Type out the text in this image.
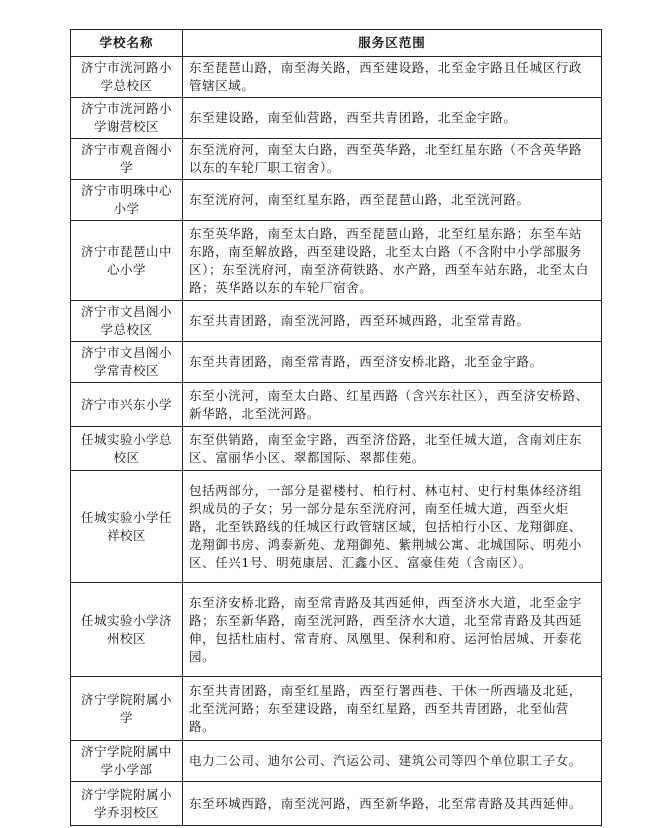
学校名称	服务区范围
济宁市洸河路小学总校区	东至琵琶山路，南至海关路，西至建设路，北至金宇路且任城区行政管辖区域。
济宁市洸河路小学谢营校区	东至建设路，南至仙营路，西至共青团路，北至金宇路。
济宁市观音阁小学	东至洸府河，南至太白路，西至英华路，北至红星东路（不含英华路以东的车轮厂职工宿舍）。
济宁市明珠中心小学	东至洸府河，南至红星东路，西至琵琶山路，北至洸河路。
济宁市琵琶山中心小学	东至英华路，南至太白路，西至琵琶山路，北至红星东路；东至车站东路，南至解放路，西至建设路，北至太白路（不含附中小学部服务区）；东至洸府河，南至济荷铁路、水产路，西至车站东路，北至太白路；英华路以东的车轮厂宿舍。
济宁市文昌阁小学总校区	东至共青团路，南至洸河路，西至环城西路，北至常青路。
济宁市文昌阁小学常青校区	东至共青团路，南至常青路，西至济安桥北路，北至金宇路。
济宁市兴东小学	东至小洸河，南至太白路、红星西路（含兴东社区），西至济安桥路、新华路，北至洸河路。
任城实验小学总校区	东至供销路，南至金宇路，西至济岱路，北至任城大道，含南刘庄东区、富丽华小区、翠都国际、翠都佳苑。
任城实验小学任祥校区	包括两部分，一部分是翟楼村、柏行村、林屯村、史行村集体经济组织成员的子女；另一部分是东至洸府河，南至任城大道，西至火炬路，北至铁路线的任城区行政管辖区域，包括柏行小区、龙翔御庭、龙翔御书房、鸿泰新苑、龙翔御苑、紫荆城公寓、北城国际、明苑小区、任兴1号、明苑康居、汇鑫小区、富豪佳苑（含南区）。
任城实验小学济州校区	东至济安桥北路，南至常青路及其西延伸，西至济水大道，北至金宇路；东至新华路，南至洸河路，西至济水大道，北至常青路及其西延伸，包括杜庙村、常青府、凤凰里、保利和府、运河怡居城、开泰花园。
济宁学院附属小学	东至共青团路，南至红星路，西至行署西巷、干休一所西墙及北延，北至洸河路；东至建设路，南至红星路，西至共青团路，北至仙营路。
济宁学院附属中学小学部	电力二公司、迪尔公司、汽运公司、建筑公司等四个单位职工子女。
济宁学院附属小学乔羽校区	东至环城西路，南至洸河路，西至新华路，北至常青路及其西延伸。
